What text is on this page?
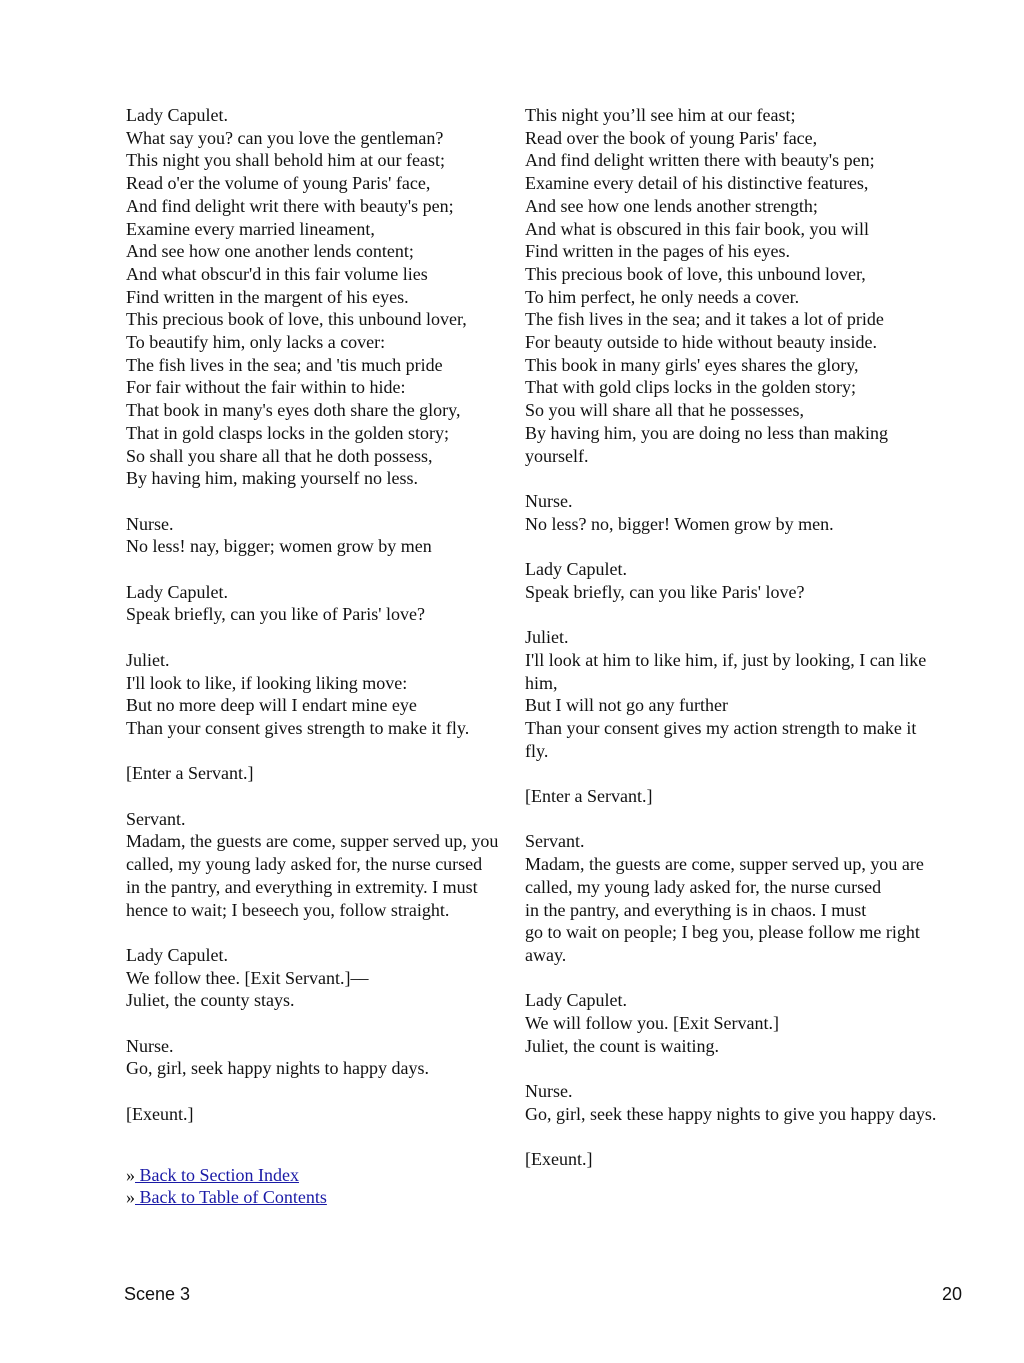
Lady Capulet.
What say you? can you love the gentleman?
This night you shall behold him at our feast;
Read o'er the volume of young Paris' face,
And find delight writ there with beauty's pen;
Examine every married lineament,
And see how one another lends content;
And what obscur'd in this fair volume lies
Find written in the margent of his eyes.
This precious book of love, this unbound lover,
To beautify him, only lacks a cover:
The fish lives in the sea; and 'tis much pride
For fair without the fair within to hide:
That book in many's eyes doth share the glory,
That in gold clasps locks in the golden story;
So shall you share all that he doth possess,
By having him, making yourself no less.
Nurse.
No less! nay, bigger; women grow by men
Lady Capulet.
Speak briefly, can you like of Paris' love?
Juliet.
I'll look to like, if looking liking move:
But no more deep will I endart mine eye
Than your consent gives strength to make it fly.
[Enter a Servant.]
Servant.
Madam, the guests are come, supper served up, you
called, my young lady asked for, the nurse cursed
in the pantry, and everything in extremity. I must
hence to wait; I beseech you, follow straight.
Lady Capulet.
We follow thee. [Exit Servant.]––
Juliet, the county stays.
Nurse.
Go, girl, seek happy nights to happy days.
[Exeunt.]
» Back to Section Index
» Back to Table of Contents
This night you’ll see him at our feast;
Read over the book of young Paris' face,
And find delight written there with beauty's pen;
Examine every detail of his distinctive features,
And see how one lends another strength;
And what is obscured in this fair book, you will
Find written in the pages of his eyes.
This precious book of love, this unbound lover,
To him perfect, he only needs a cover.
The fish lives in the sea; and it takes a lot of pride
For beauty outside to hide without beauty inside.
This book in many girls' eyes shares the glory,
That with gold clips locks in the golden story;
So you will share all that he possesses,
By having him, you are doing no less than making
yourself.
Nurse.
No less? no, bigger! Women grow by men.
Lady Capulet.
Speak briefly, can you like Paris' love?
Juliet.
I'll look at him to like him, if, just by looking, I can like
him,
But I will not go any further
Than your consent gives my action strength to make it
fly.
[Enter a Servant.]
Servant.
Madam, the guests are come, supper served up, you are
called, my young lady asked for, the nurse cursed
in the pantry, and everything is in chaos. I must
go to wait on people; I beg you, please follow me right
away.
Lady Capulet.
We will follow you. [Exit Servant.]
Juliet, the count is waiting.
Nurse.
Go, girl, seek these happy nights to give you happy days.
[Exeunt.]
Scene 3	20
